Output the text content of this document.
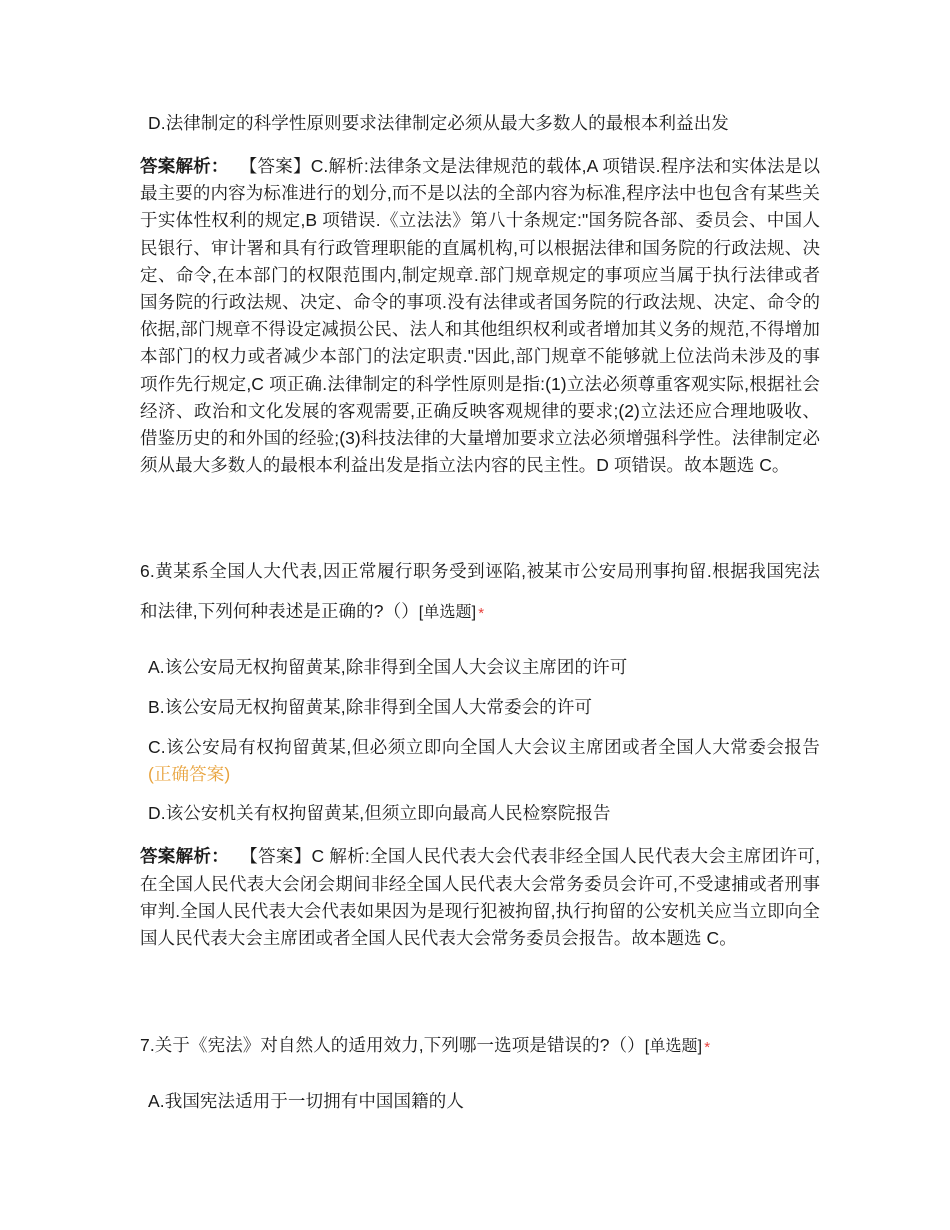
D.法律制定的科学性原则要求法律制定必须从最大多数人的最根本利益出发

答案解析： 【答案】C.解析:法律条文是法律规范的载体,A 项错误.程序法和实体法是以最主要的内容为标准进行的划分,而不是以法的全部内容为标准,程序法中也包含有某些关于实体性权利的规定,B 项错误.《立法法》第八十条规定:"国务院各部、委员会、中国人民银行、审计署和具有行政管理职能的直属机构,可以根据法律和国务院的行政法规、决定、命令,在本部门的权限范围内,制定规章.部门规章规定的事项应当属于执行法律或者国务院的行政法规、决定、命令的事项.没有法律或者国务院的行政法规、决定、命令的依据,部门规章不得设定减损公民、法人和其他组织权利或者增加其义务的规范,不得增加本部门的权力或者减少本部门的法定职责."因此,部门规章不能够就上位法尚未涉及的事项作先行规定,C 项正确.法律制定的科学性原则是指:(1)立法必须尊重客观实际,根据社会经济、政治和文化发展的客观需要,正确反映客观规律的要求;(2)立法还应合理地吸收、借鉴历史的和外国的经验;(3)科技法律的大量增加要求立法必须增强科学性。法律制定必须从最大多数人的最根本利益出发是指立法内容的民主性。D 项错误。故本题选 C。

6.黄某系全国人大代表,因正常履行职务受到诬陷,被某市公安局刑事拘留.根据我国宪法和法律,下列何种表述是正确的?（）[单选题] *

A.该公安局无权拘留黄某,除非得到全国人大会议主席团的许可

B.该公安局无权拘留黄某,除非得到全国人大常委会的许可

C.该公安局有权拘留黄某,但必须立即向全国人大会议主席团或者全国人大常委会报告(正确答案)

D.该公安机关有权拘留黄某,但须立即向最高人民检察院报告

答案解析： 【答案】C 解析:全国人民代表大会代表非经全国人民代表大会主席团许可,在全国人民代表大会闭会期间非经全国人民代表大会常务委员会许可,不受逮捕或者刑事审判.全国人民代表大会代表如果因为是现行犯被拘留,执行拘留的公安机关应当立即向全国人民代表大会主席团或者全国人民代表大会常务委员会报告。故本题选 C。

7.关于《宪法》对自然人的适用效力,下列哪一选项是错误的?（）[单选题] *

A.我国宪法适用于一切拥有中国国籍的人
